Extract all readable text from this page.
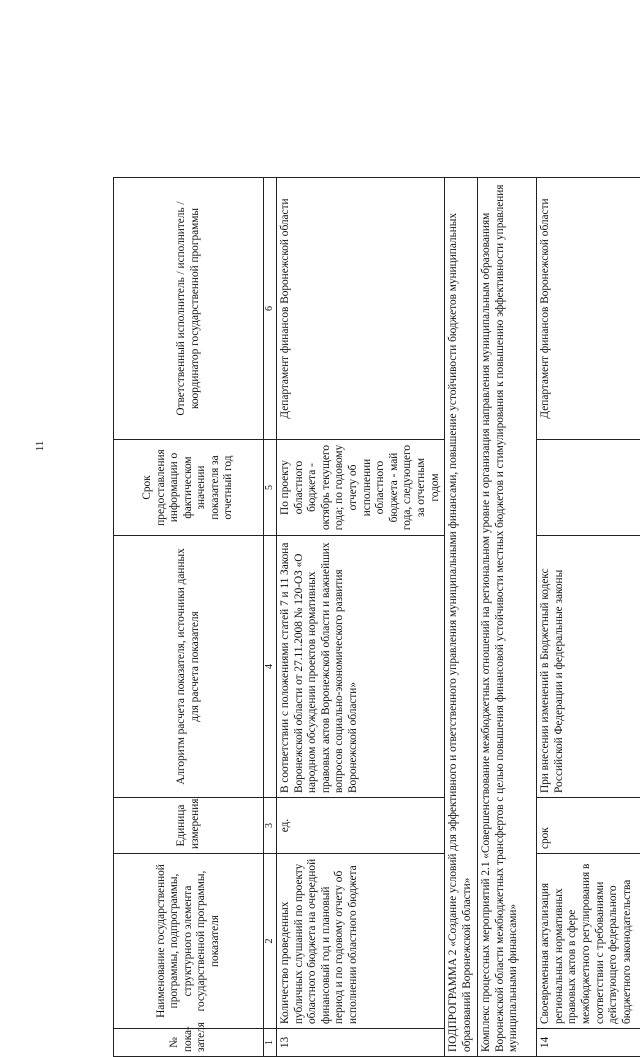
11
№ пока-зателя	Наименование государственной программы, подпрограммы, структурного элемента государственной программы, показателя	Единица измерения	Алгоритм расчета показателя, источники данных для расчета показателя	Срок предоставления информации о фактическом значении показателя за отчетный год	Ответственный исполнитель / исполнитель / координатор государственной программы
1	2	3	4	5	6
13	Количество проведенных публичных слушаний по проекту областного бюджета на очередной финансовый год и плановый период и по годовому отчету об исполнении областного бюджета	ед.	В соответствии с положениями статей 7 и 11 Закона Воронежской области от 27.11.2008 № 120-ОЗ «О народном обсуждении проектов нормативных правовых актов Воронежской области и важнейших вопросов социально-экономического развития Воронежской области»	По проекту областного бюджета - октябрь текущего года; по годовому отчету об исполнении областного бюджета - май года, следующего за отчетным годом	Департамент финансов Воронежской области
ПОДПРОГРАММА 2 «Создание условий для эффективного и ответственного управления муниципальными финансами, повышение устойчивости бюджетов муниципальных образований Воронежской области»					
Комплекс процессных мероприятий 2.1 «Совершенствование межбюджетных отношений на региональном уровне и организация направления муниципальным образованиям Воронежской области межбюджетных трансфертов с целью повышения финансовой устойчивости местных бюджетов и стимулирования к повышению эффективности управления муниципальными финансами»					
14	Своевременная актуализация региональных нормативных правовых актов в сфере межбюджетного регулирования в соответствии с требованиями действующего федерального бюджетного законодательства	срок	При внесении изменений в Бюджетный кодекс Российской Федерации и федеральные законы		Департамент финансов Воронежской области
